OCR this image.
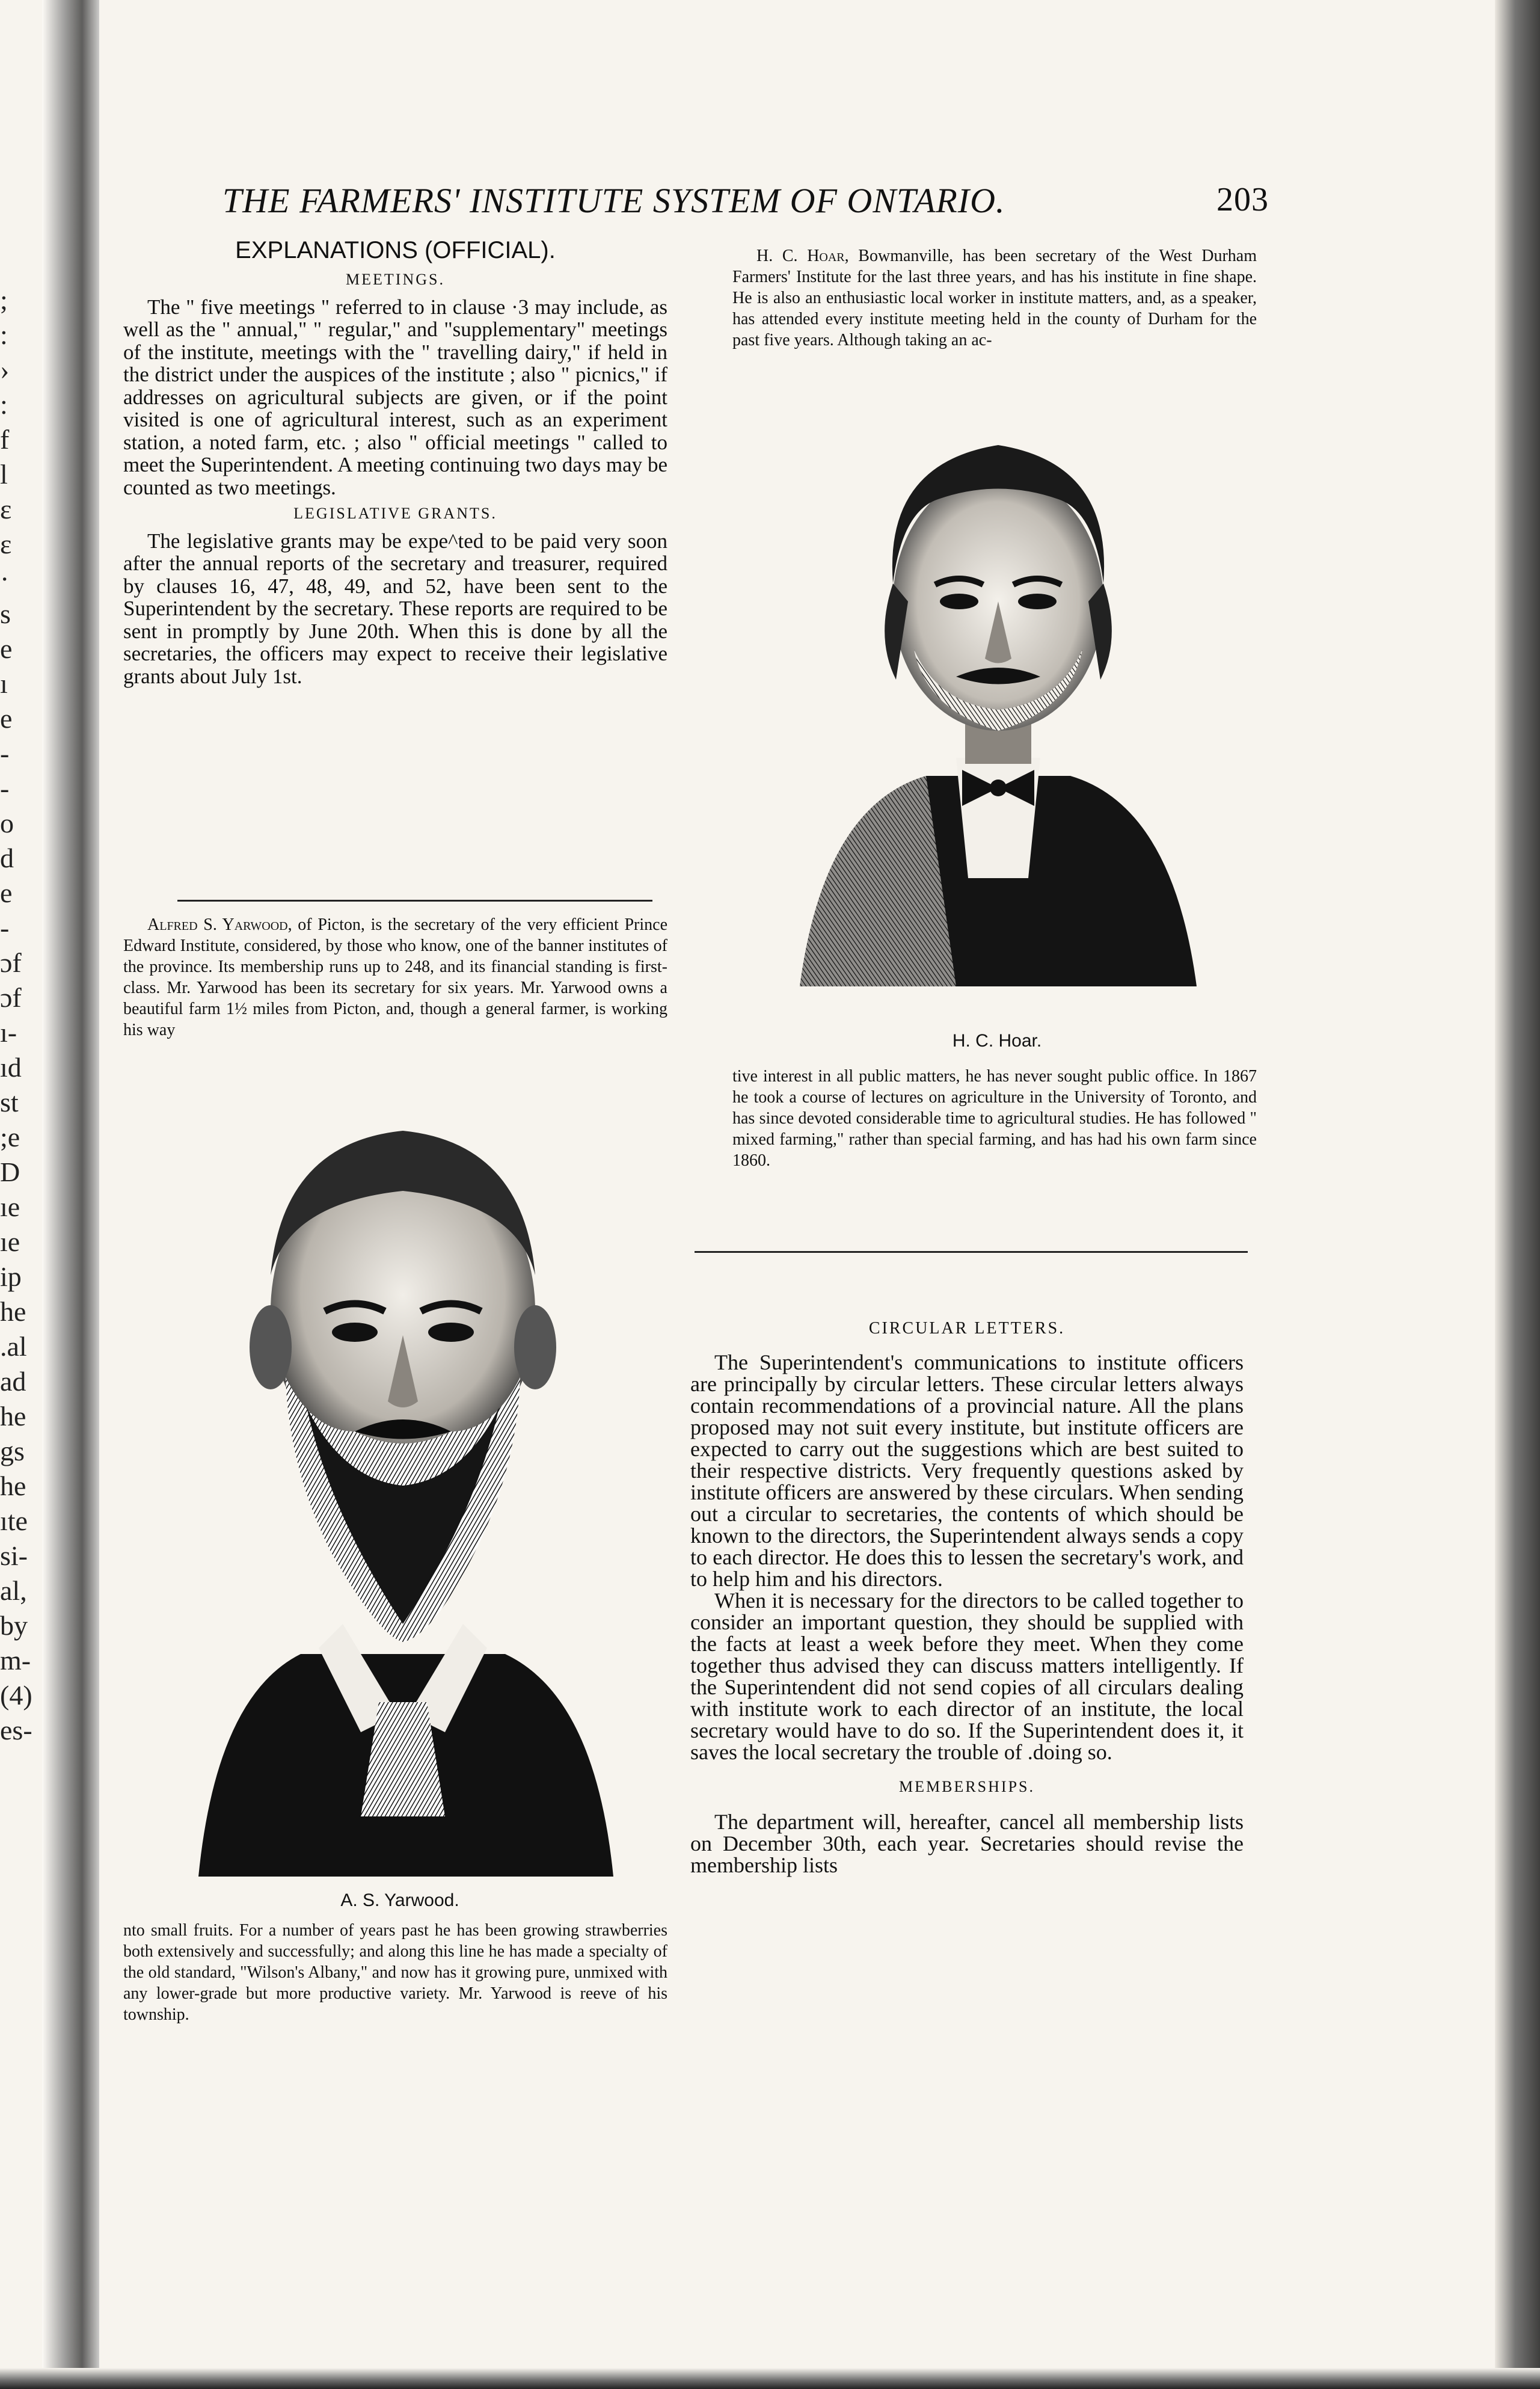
;
:
›
:
f
l
ɛ
ɛ
·
s
e
ı
e
-
-
o
d
e
-
ɔf
ɔf
ı-
ıd
st
;e
D
ıe
ıe
ip
he
.al
ad
he
gs
he
ıte
si-
al,
by
m-
(4)
es-
THE FARMERS' INSTITUTE SYSTEM OF ONTARIO.	203
EXPLANATIONS (OFFICIAL).
MEETINGS.

The " five meetings " referred to in clause ·3 may include, as well as the " annual," " regular," and "supplementary" meetings of the institute, meetings with the " travelling dairy," if held in the district under the auspices of the institute ; also " picnics," if addresses on agricultural subjects are given, or if the point visited is one of agricultural interest, such as an experiment station, a noted farm, etc. ; also " official meetings " called to meet the Superintendent. A meeting continuing two days may be counted as two meetings.

LEGISLATIVE GRANTS.

The legislative grants may be expe^ted to be paid very soon after the annual reports of the secretary and treasurer, required by clauses 16, 47, 48, 49, and 52, have been sent to the Superintendent by the secretary. These reports are required to be sent in promptly by June 20th. When this is done by all the secretaries, the officers may expect to receive their legislative grants about July 1st.

Alfred S. Yarwood, of Picton, is the secretary of the very efficient Prince Edward Institute, considered, by those who know, one of the banner institutes of the province. Its membership runs up to 248, and its financial standing is first-class. Mr. Yarwood has been its secretary for six years. Mr. Yarwood owns a beautiful farm 1½ miles from Picton, and, though a general farmer, is working his way

A. S. Yarwood.
nto small fruits. For a number of years past he has been growing strawberries both extensively and successfully; and along this line he has made a specialty of the old standard, "Wilson's Albany," and now has it growing pure, unmixed with any lower-grade but more productive variety. Mr. Yarwood is reeve of his township.

H. C. Hoar, Bowmanville, has been secretary of the West Durham Farmers' Institute for the last three years, and has his institute in fine shape. He is also an enthusiastic local worker in institute matters, and, as a speaker, has attended every institute meeting held in the county of Durham for the past five years. Although taking an ac-

H. C. Hoar.
tive interest in all public matters, he has never sought public office. In 1867 he took a course of lectures on agriculture in the University of Toronto, and has since devoted considerable time to agricultural studies. He has followed " mixed farming," rather than special farming, and has had his own farm since 1860.
CIRCULAR LETTERS.

The Superintendent's communications to institute officers are principally by circular letters. These circular letters always contain recommendations of a provincial nature. All the plans proposed may not suit every institute, but institute officers are expected to carry out the suggestions which are best suited to their respective districts. Very frequently questions asked by institute officers are answered by these circulars. When sending out a circular to secretaries, the contents of which should be known to the directors, the Superintendent always sends a copy to each director. He does this to lessen the secretary's work, and to help him and his directors.

When it is necessary for the directors to be called together to consider an important question, they should be supplied with the facts at least a week before they meet. When they come together thus advised they can discuss matters intelligently. If the Superintendent did not send copies of all circulars dealing with institute work to each director of an institute, the local secretary would have to do so. If the Superintendent does it, it saves the local secretary the trouble of .doing so.

MEMBERSHIPS.

The department will, hereafter, cancel all membership lists on December 30th, each year. Secretaries should revise the membership lists
